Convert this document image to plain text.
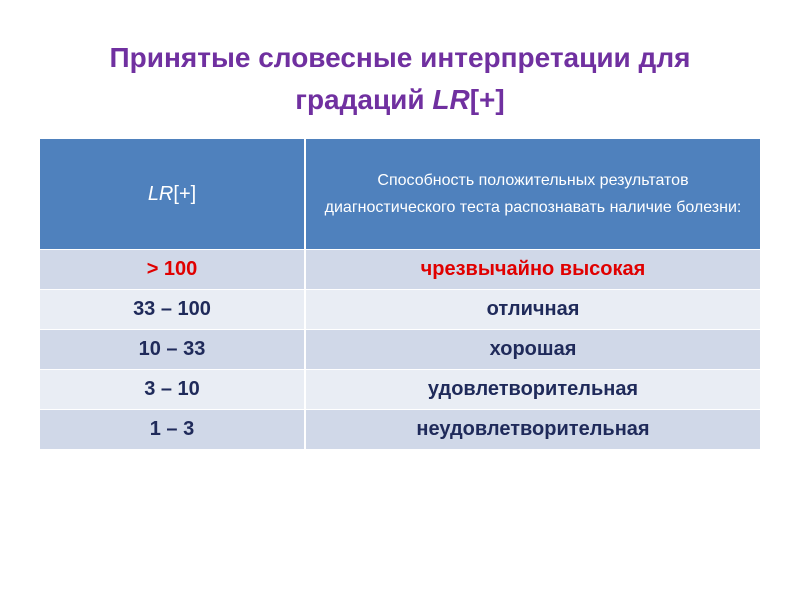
Принятые словесные интерпретации для
градаций LR[+]
LR[+]	Способность положительных результатов диагностического теста распознавать наличие болезни:
> 100	чрезвычайно высокая
33 – 100	отличная
10 – 33	хорошая
3 – 10	удовлетворительная
1 – 3	неудовлетворительная
